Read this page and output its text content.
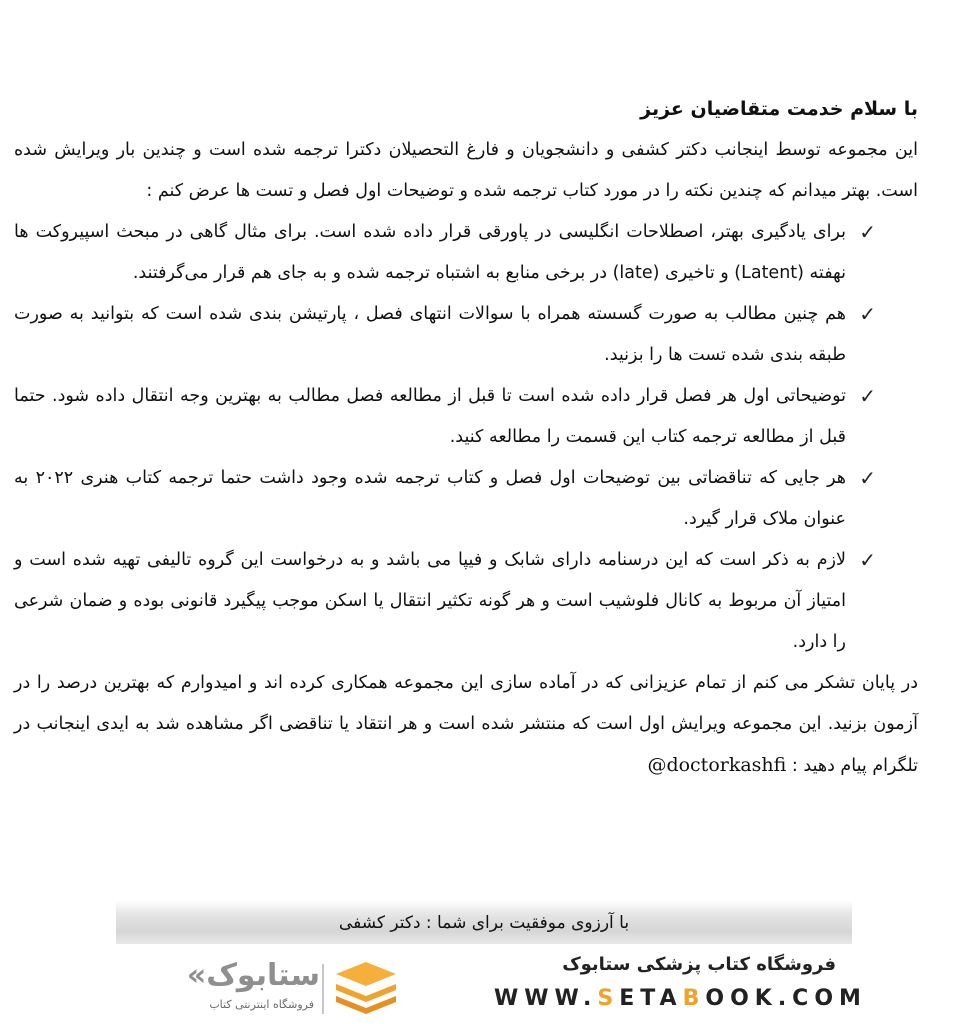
با سلام خدمت متقاضیان عزیز

این مجموعه توسط اینجانب دکتر کشفی و دانشجویان و فارغ التحصیلان دکترا ترجمه شده است و چندین بار ویرایش شده است. بهتر میدانم که چندین نکته را در مورد کتاب ترجمه شده و توضیحات اول فصل و تست ها عرض کنم :

✓
برای یادگیری بهتر، اصطلاحات انگلیسی در پاورقی قرار داده شده است. برای مثال گاهی در مبحث اسپیروکت ها نهفته (Latent) و تاخیری (late) در برخی منابع به اشتباه ترجمه شده و به جای هم قرار می‌گرفتند.
✓
هم چنین مطالب به صورت گسسته همراه با سوالات انتهای فصل ، پارتیشن بندی شده است که بتوانید به صورت طبقه بندی شده تست ها را بزنید.
✓
توضیحاتی اول هر فصل قرار داده شده است تا قبل از مطالعه فصل مطالب به بهترین وجه انتقال داده شود. حتما قبل از مطالعه ترجمه کتاب این قسمت را مطالعه کنید.
✓
هر جایی که تناقضاتی بین توضیحات اول فصل و کتاب ترجمه شده وجود داشت حتما ترجمه کتاب هنری ۲۰۲۲ به عنوان ملاک قرار گیرد.
✓
لازم به ذکر است که این درسنامه دارای شابک و فیپا می باشد و به درخواست این گروه تالیفی تهیه شده است و امتیاز آن مربوط به کانال فلوشیب است و هر گونه تکثیر انتقال یا اسکن موجب پیگیرد قانونی بوده و ضمان شرعی را دارد.

در پایان تشکر می کنم از تمام عزیزانی که در آماده سازی این مجموعه همکاری کرده اند و امیدوارم که بهترین درصد را در آزمون بزنید. این مجموعه ویرایش اول است که منتشر شده است و هر انتقاد یا تناقضی اگر مشاهده شد به ایدی اینجانب در تلگرام پیام دهید : @doctorkashfi

با آرزوی موفقیت برای شما : دکتر کشفی
فروشگاه کتاب پزشکی ستابوک
WWW.SETABOOK.COM
ستابوک»
فروشگاه اینترنتی کتاب
